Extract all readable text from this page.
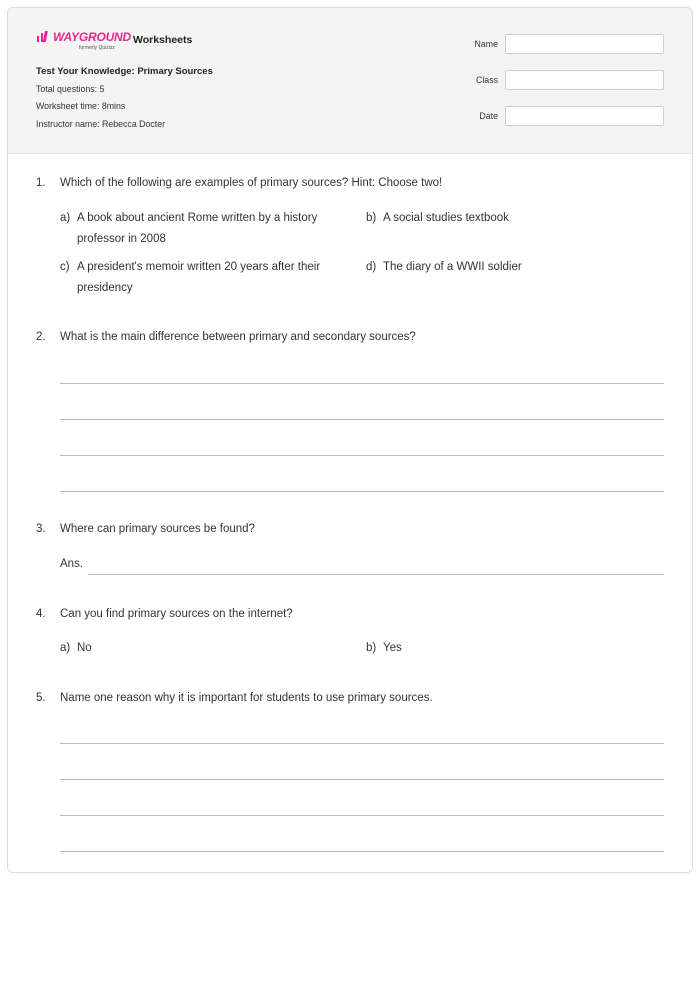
WAYGROUND
formerly Quizizz
Worksheets
Test Your Knowledge: Primary Sources
Total questions: 5
Worksheet time: 8mins
Instructor name: Rebecca Docter
Name
Class
Date
1. Which of the following are examples of primary sources? Hint: Choose two!
a) A book about ancient Rome written by a history
professor in 2008
b) A social studies textbook
c) A president's memoir written 20 years after their
presidency
d) The diary of a WWII soldier
2. What is the main difference between primary and secondary sources?
3. Where can primary sources be found?
Ans.
4. Can you find primary sources on the internet?
a) No	b) Yes
5. Name one reason why it is important for students to use primary sources.
